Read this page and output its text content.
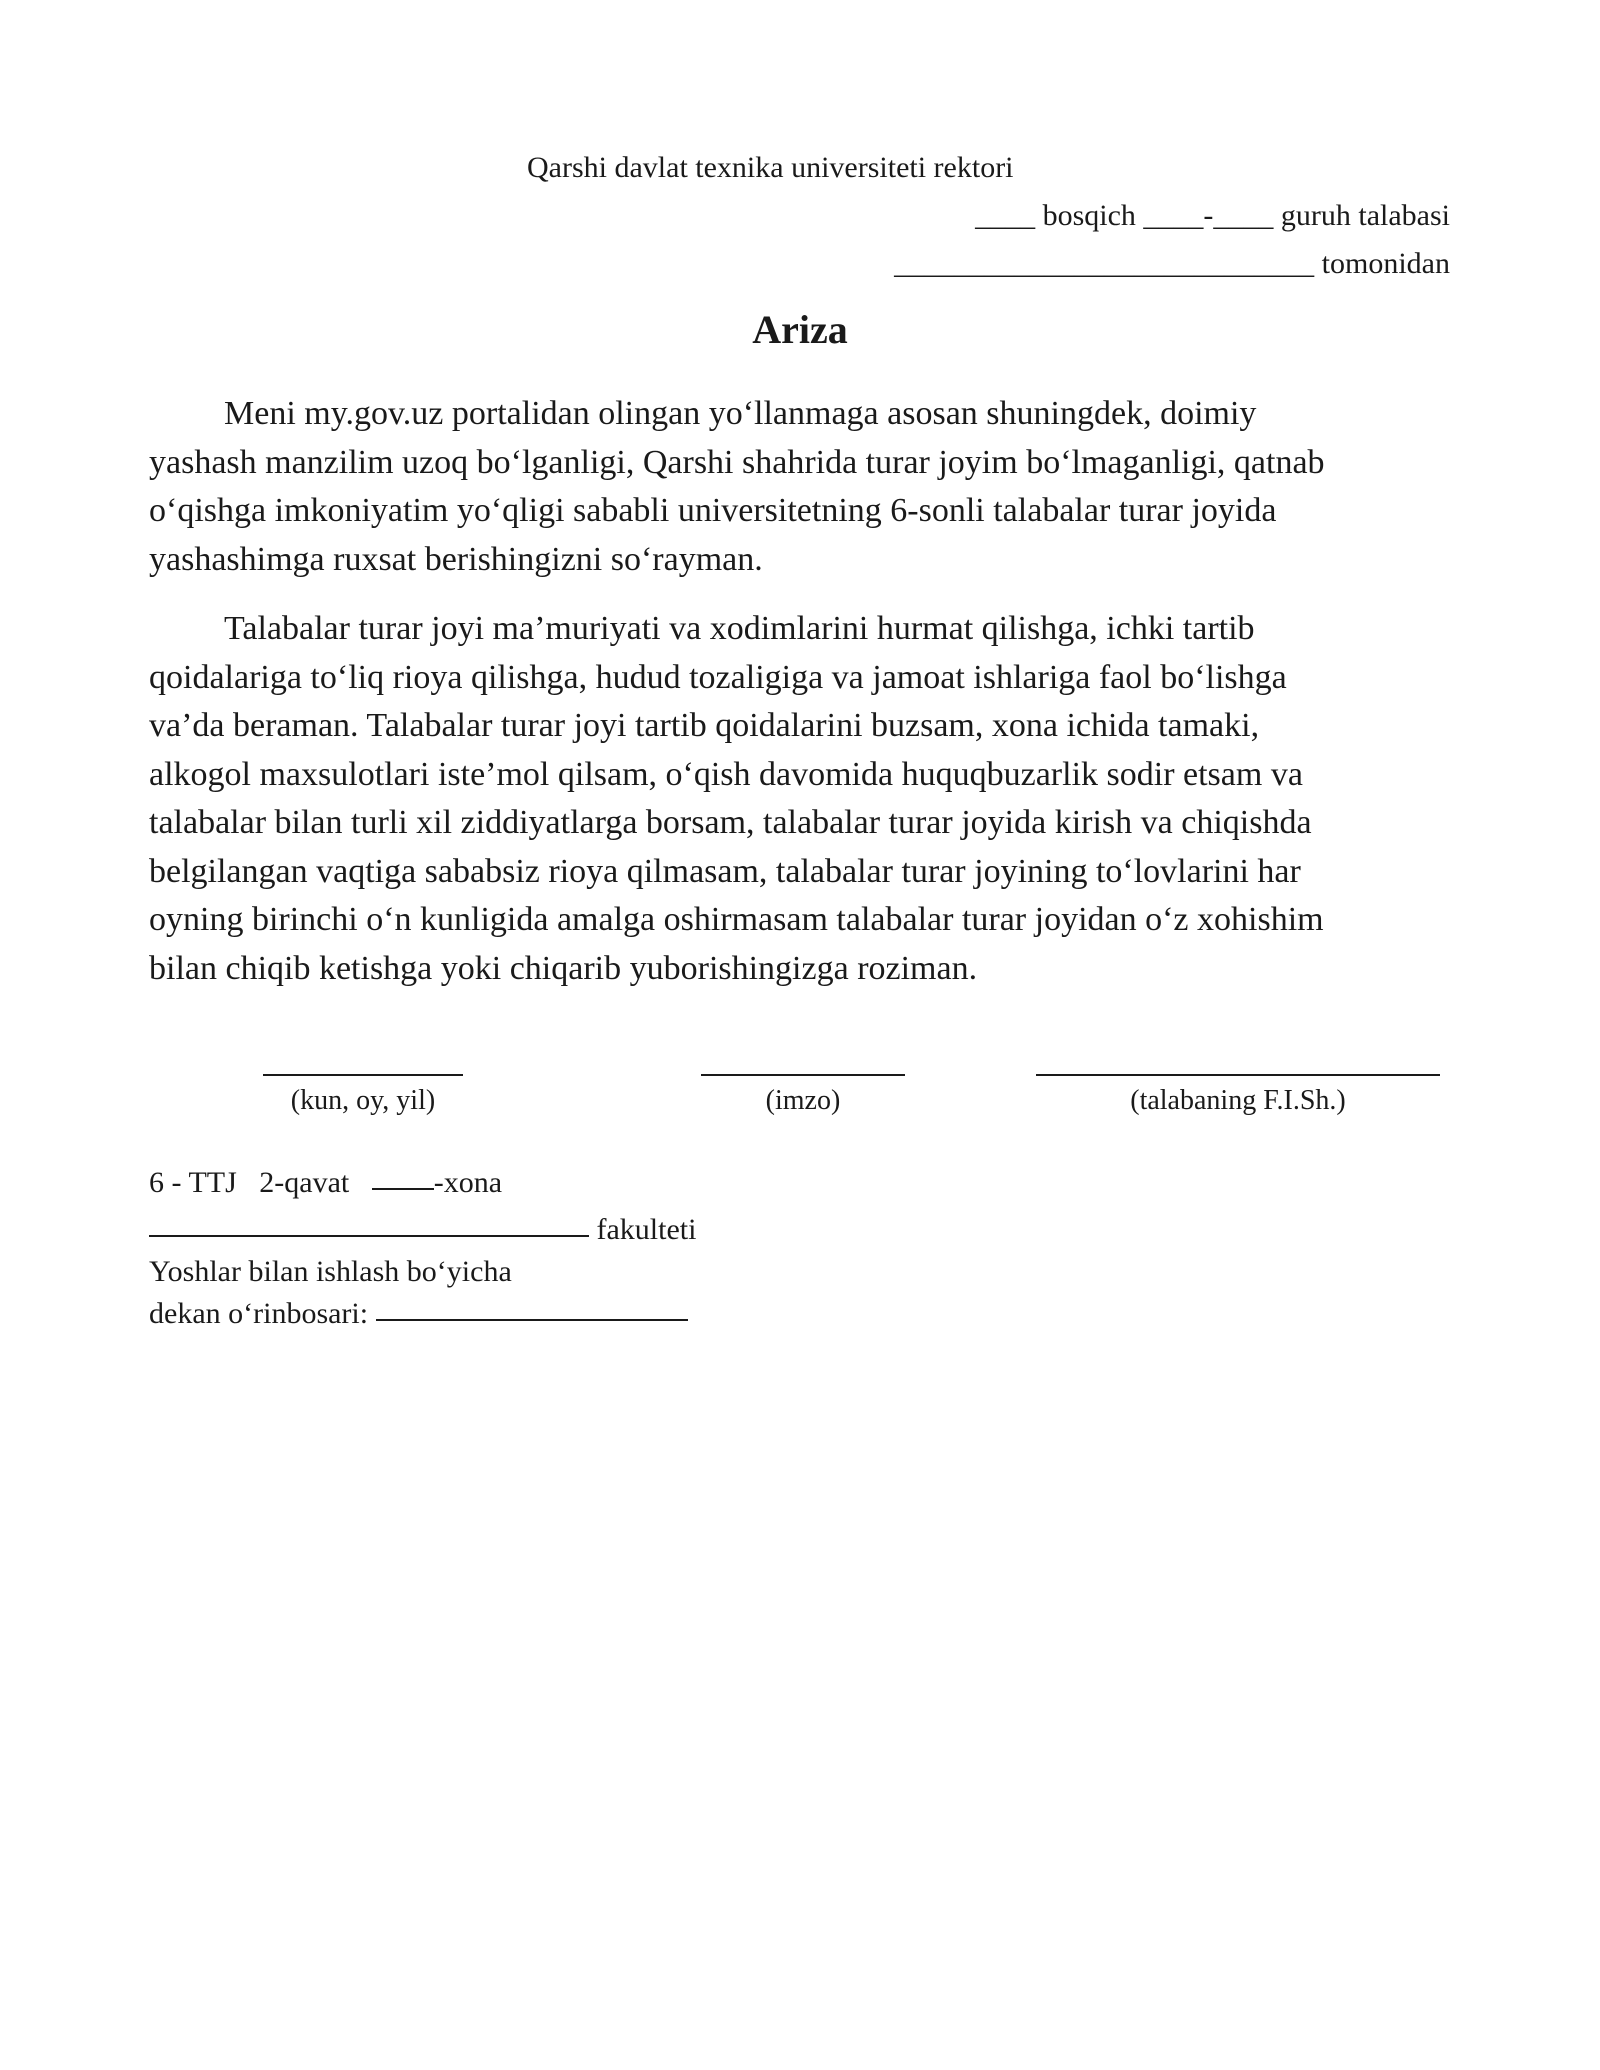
Qarshi davlat texnika universiteti rektori
____ bosqich ____-____ guruh talabasi
____________________________ tomonidan
Ariza

Meni my.gov.uz portalidan olingan yo‘llanmaga asosan shuningdek, doimiy
yashash manzilim uzoq bo‘lganligi, Qarshi shahrida turar joyim bo‘lmaganligi, qatnab
o‘qishga imkoniyatim yo‘qligi sababli universitetning 6-sonli talabalar turar joyida
yashashimga ruxsat berishingizni so‘rayman.

Talabalar turar joyi ma’muriyati va xodimlarini hurmat qilishga, ichki tartib
qoidalariga to‘liq rioya qilishga, hudud tozaligiga va jamoat ishlariga faol bo‘lishga
va’da beraman. Talabalar turar joyi tartib qoidalarini buzsam, xona ichida tamaki,
alkogol maxsulotlari iste’mol qilsam, o‘qish davomida huquqbuzarlik sodir etsam va
talabalar bilan turli xil ziddiyatlarga borsam, talabalar turar joyida kirish va chiqishda
belgilangan vaqtiga sababsiz rioya qilmasam, talabalar turar joyining to‘lovlarini har
oyning birinchi o‘n kunligida amalga oshirmasam talabalar turar joyidan o‘z xohishim
bilan chiqib ketishga yoki chiqarib yuborishingizga roziman.

(kun, oy, yil)	(imzo)	(talabaning F.I.Sh.)
6 - TTJ   2-qavat   -xona
fakulteti
Yoshlar bilan ishlash bo‘yicha
dekan o‘rinbosari:
